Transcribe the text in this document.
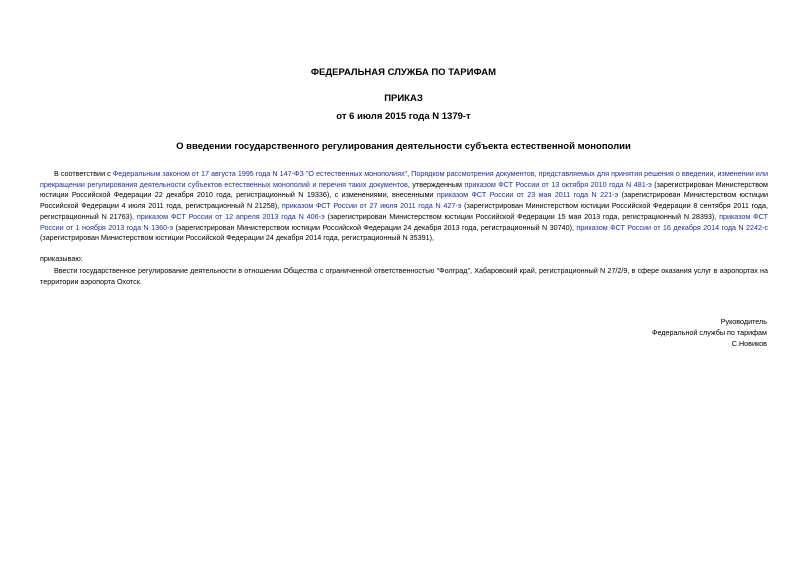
ФЕДЕРАЛЬНАЯ СЛУЖБА ПО ТАРИФАМ
ПРИКАЗ
от 6 июля 2015 года N 1379-т
О введении государственного регулирования деятельности субъекта естественной монополии
В соответствии с Федеральным законом от 17 августа 1995 года N 147-ФЗ "О естественных монополиях", Порядком рассмотрения документов, представляемых для принятия решения о введении, изменении или прекращении регулирования деятельности субъектов естественных монополий и перечня таких документов, утвержденным приказом ФСТ России от 13 октября 2010 года N 481-э (зарегистрирован Министерством юстиции Российской Федерации 22 декабря 2010 года, регистрационный N 19336), с изменениями, внесенными приказом ФСТ России от 23 мая 2011 года N 221-э (зарегистрирован Министерством юстиции Российской Федерации 4 июля 2011 года, регистрационный N 21258), приказом ФСТ России от 27 июля 2011 года N 427-э (зарегистрирован Министерством юстиции Российской Федерации 8 сентября 2011 года, регистрационный N 21763), приказом ФСТ России от 12 апреля 2013 года N 406-э (зарегистрирован Министерством юстиции Российской Федерации 15 мая 2013 года, регистрационный N 28393), приказом ФСТ России от 1 ноября 2013 года N 1360-э (зарегистрирован Министерством юстиции Российской Федерации 24 декабря 2013 года, регистрационный N 30740), приказом ФСТ России от 16 декабря 2014 года N 2242-с (зарегистрирован Министерством юстиции Российской Федерации 24 декабря 2014 года, регистрационный N 35391),
приказываю:
Ввести государственное регулирование деятельности в отношении Общества с ограниченной ответственностью "Фолград", Хабаровский край, регистрационный N 27/2/9, в сфере оказания услуг в аэропортах на территории аэропорта Охотск.
Руководитель
Федеральной службы по тарифам
С.Новиков
